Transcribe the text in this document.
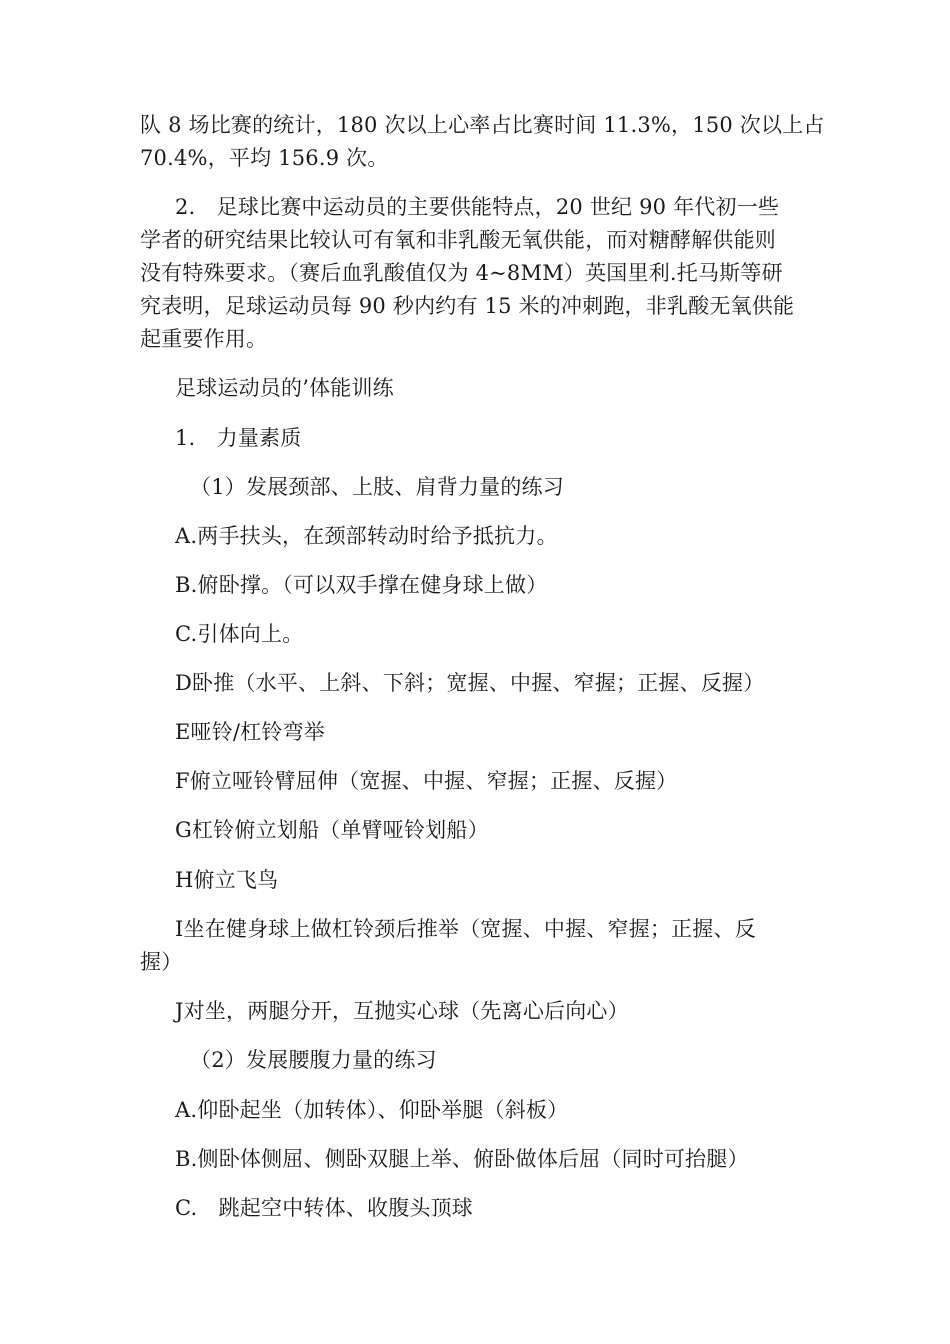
队 8 场比赛的统计，180 次以上心率占比赛时间 11.3%，150 次以上占
70.4%，平均 156.9 次。
2.　足球比赛中运动员的主要供能特点，20 世纪 90 年代初一些
学者的研究结果比较认可有氧和非乳酸无氧供能，而对糖酵解供能则
没有特殊要求。（赛后血乳酸值仅为 4~8MM）英国里利.托马斯等研
究表明，足球运动员每 90 秒内约有 15 米的冲刺跑，非乳酸无氧供能
起重要作用。
足球运动员的’体能训练
1.　力量素质
（1）发展颈部、上肢、肩背力量的练习
A.两手扶头，在颈部转动时给予抵抗力。
B.俯卧撑。（可以双手撑在健身球上做）
C.引体向上。
D卧推（水平、上斜、下斜；宽握、中握、窄握；正握、反握）
E哑铃/杠铃弯举
F俯立哑铃臂屈伸（宽握、中握、窄握；正握、反握）
G杠铃俯立划船（单臂哑铃划船）
H俯立飞鸟
I坐在健身球上做杠铃颈后推举（宽握、中握、窄握；正握、反
握）
J对坐，两腿分开，互抛实心球（先离心后向心）
（2）发展腰腹力量的练习
A.仰卧起坐（加转体）、仰卧举腿（斜板）
B.侧卧体侧屈、侧卧双腿上举、俯卧做体后屈（同时可抬腿）
C.　跳起空中转体、收腹头顶球
